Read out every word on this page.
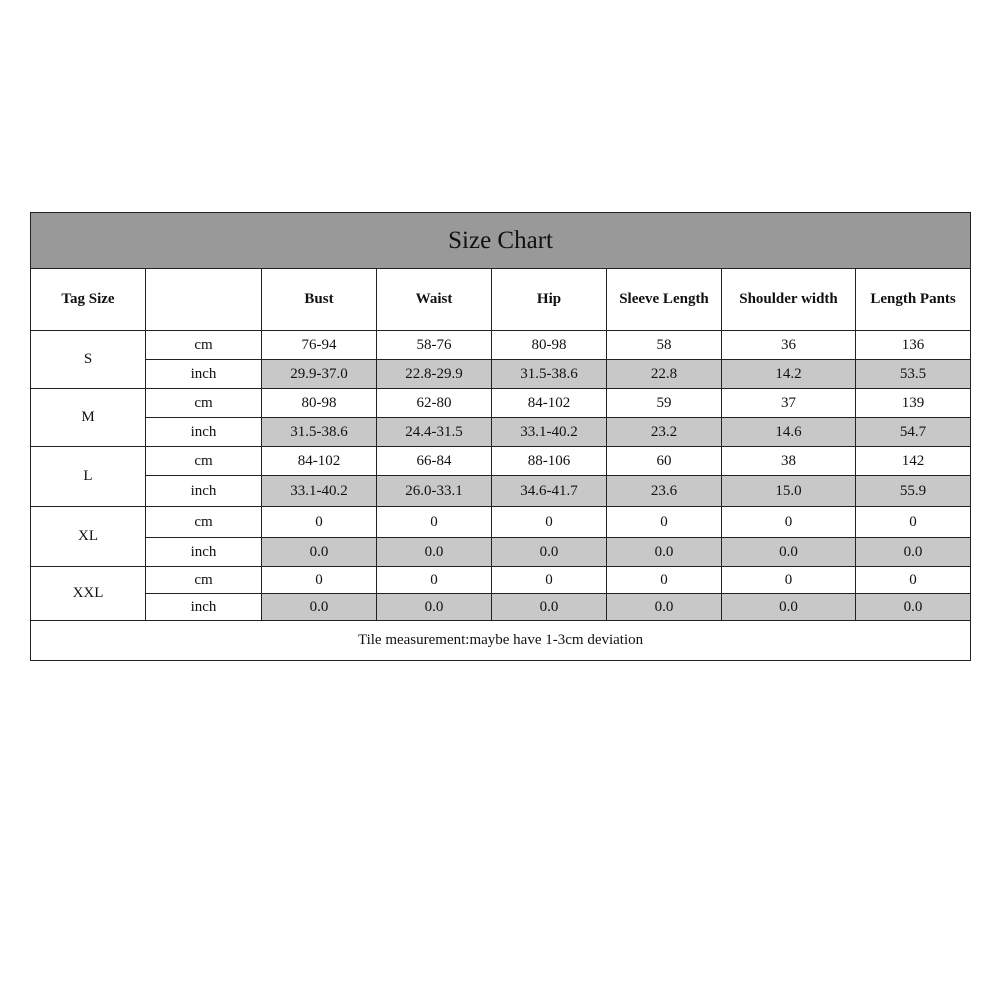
Size Chart							
Tag Size		Bust	Waist	Hip	Sleeve Length	Shoulder width	Length Pants
S	cm	76-94	58-76	80-98	58	36	136
	inch	29.9-37.0	22.8-29.9	31.5-38.6	22.8	14.2	53.5
M	cm	80-98	62-80	84-102	59	37	139
	inch	31.5-38.6	24.4-31.5	33.1-40.2	23.2	14.6	54.7
L	cm	84-102	66-84	88-106	60	38	142
	inch	33.1-40.2	26.0-33.1	34.6-41.7	23.6	15.0	55.9
XL	cm	0	0	0	0	0	0
	inch	0.0	0.0	0.0	0.0	0.0	0.0
XXL	cm	0	0	0	0	0	0
	inch	0.0	0.0	0.0	0.0	0.0	0.0
Tile measurement:maybe have 1-3cm deviation							
